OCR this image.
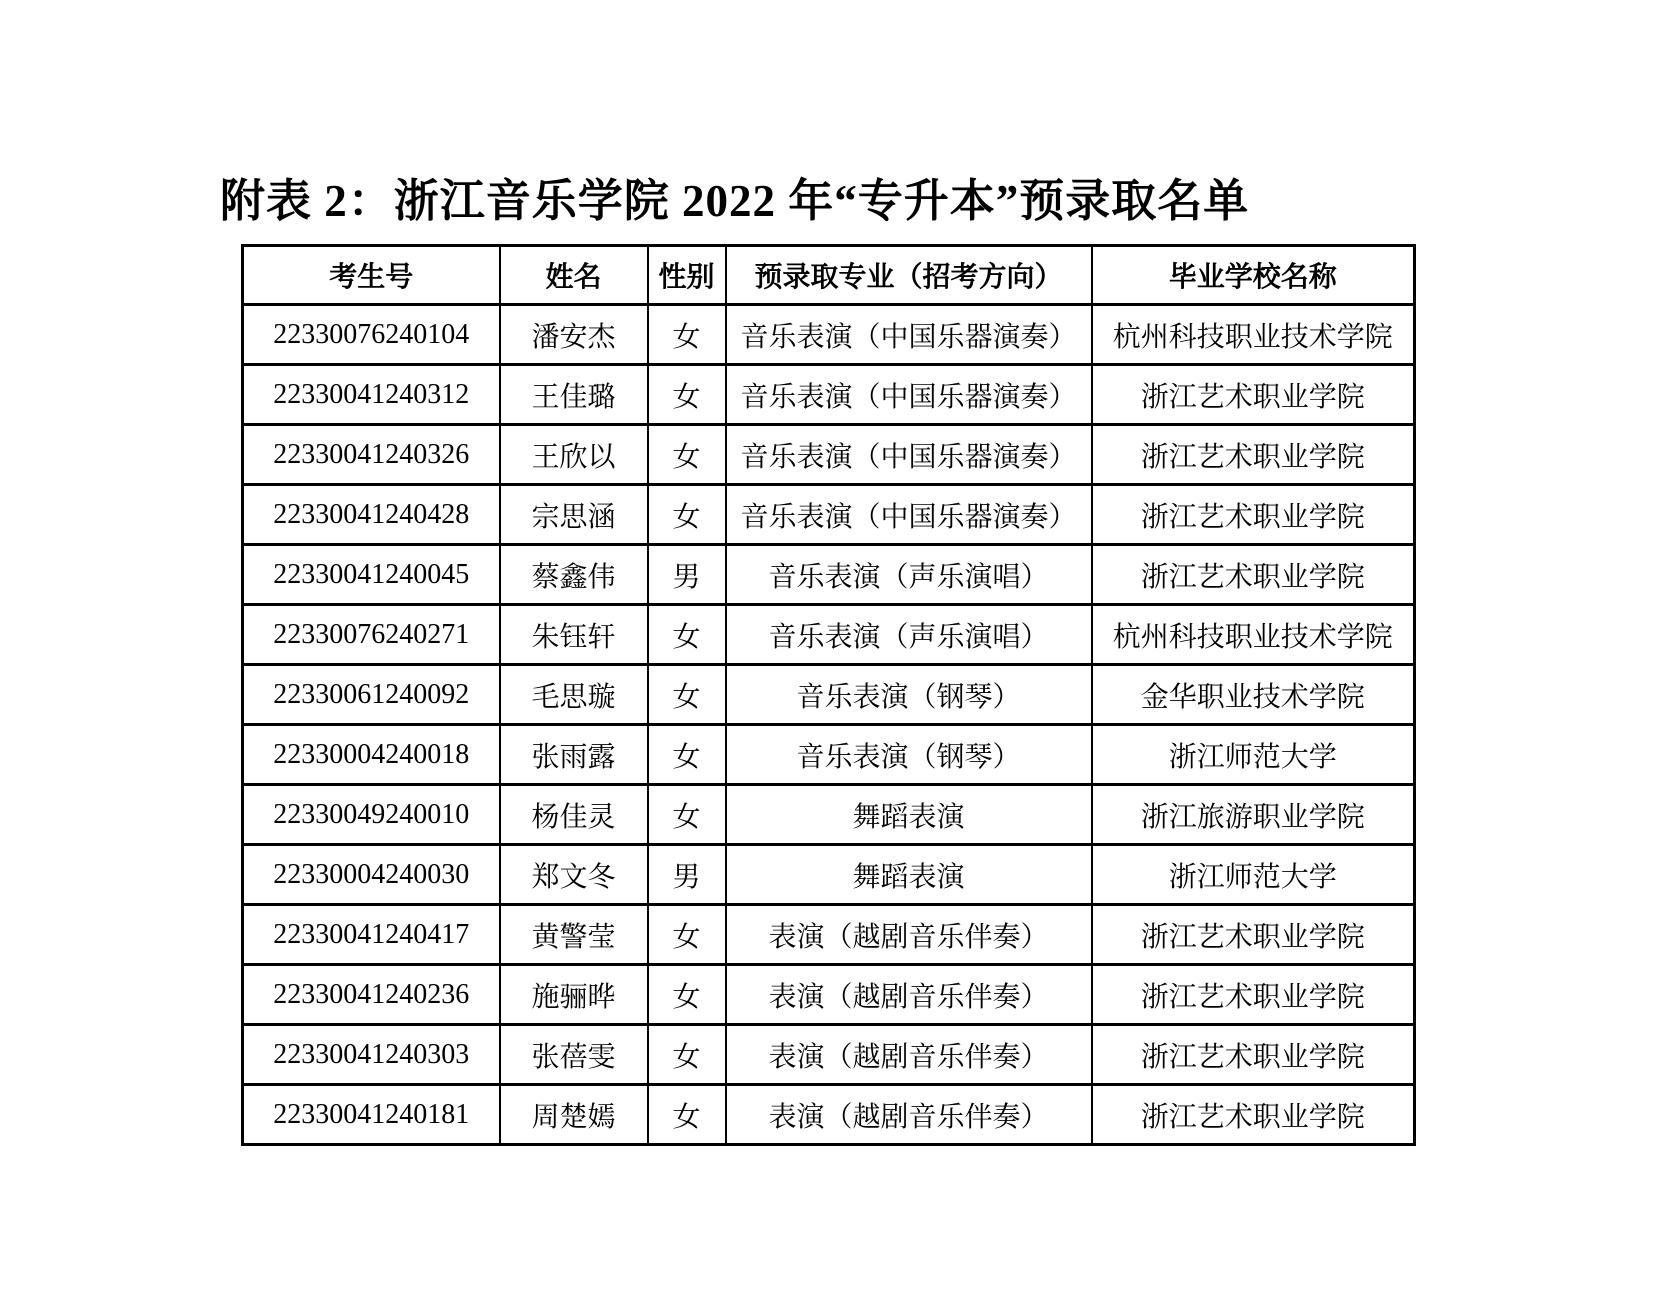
附表 2：浙江音乐学院 2022 年“专升本”预录取名单
考生号	姓名	性别	预录取专业（招考方向）	毕业学校名称
22330076240104	潘安杰	女	音乐表演（中国乐器演奏）	杭州科技职业技术学院
22330041240312	王佳璐	女	音乐表演（中国乐器演奏）	浙江艺术职业学院
22330041240326	王欣以	女	音乐表演（中国乐器演奏）	浙江艺术职业学院
22330041240428	宗思涵	女	音乐表演（中国乐器演奏）	浙江艺术职业学院
22330041240045	蔡鑫伟	男	音乐表演（声乐演唱）	浙江艺术职业学院
22330076240271	朱钰轩	女	音乐表演（声乐演唱）	杭州科技职业技术学院
22330061240092	毛思璇	女	音乐表演（钢琴）	金华职业技术学院
22330004240018	张雨露	女	音乐表演（钢琴）	浙江师范大学
22330049240010	杨佳灵	女	舞蹈表演	浙江旅游职业学院
22330004240030	郑文冬	男	舞蹈表演	浙江师范大学
22330041240417	黄警莹	女	表演（越剧音乐伴奏）	浙江艺术职业学院
22330041240236	施骊晔	女	表演（越剧音乐伴奏）	浙江艺术职业学院
22330041240303	张蓓雯	女	表演（越剧音乐伴奏）	浙江艺术职业学院
22330041240181	周楚嫣	女	表演（越剧音乐伴奏）	浙江艺术职业学院
